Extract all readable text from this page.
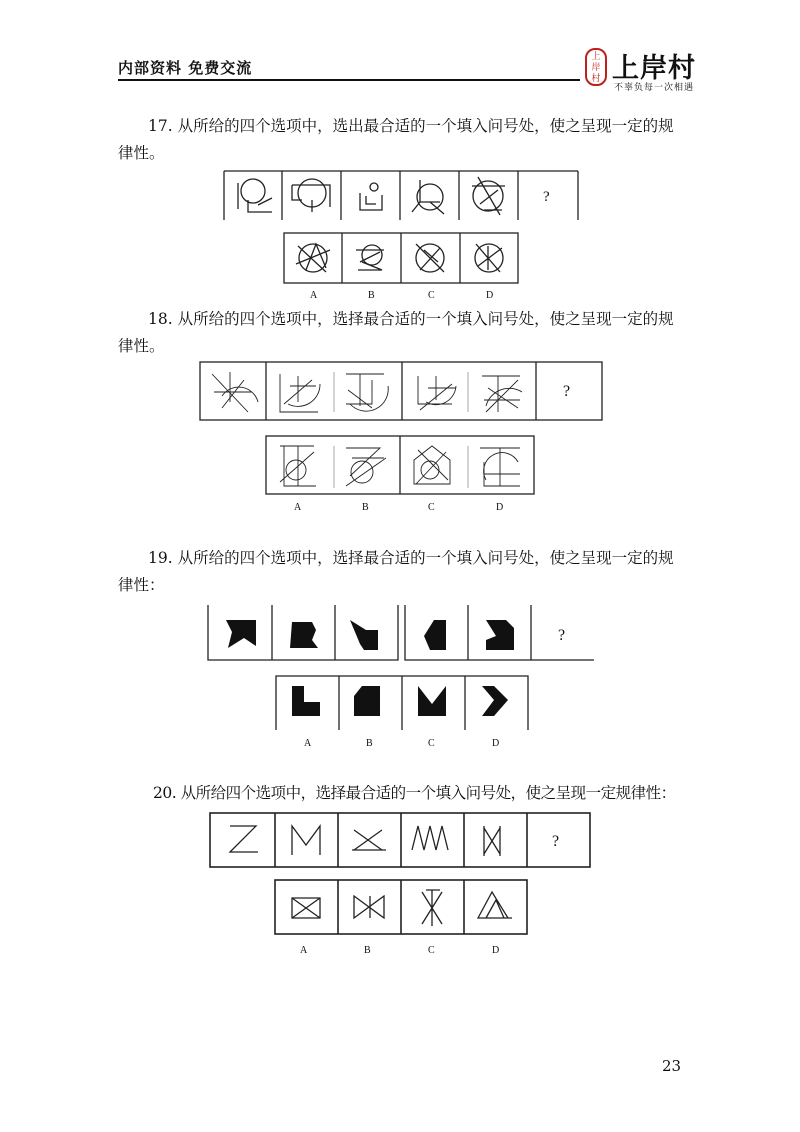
内部资料 免费交流
上
岸
村 上岸村
不辜负每一次相遇
17. 从所给的四个选项中，选出最合适的一个填入问号处，使之呈现一定的规律性。
18. 从所给的四个选项中，选择最合适的一个填入问号处，使之呈现一定的规律性。
19. 从所给的四个选项中，选择最合适的一个填入问号处，使之呈现一定的规律性：
20. 从所给四个选项中，选择最合适的一个填入问号处，使之呈现一定规律性：
?
?
?
?
A	B	C	D
A	B	C	D
A	B	C	D
A	B	C	D
23
